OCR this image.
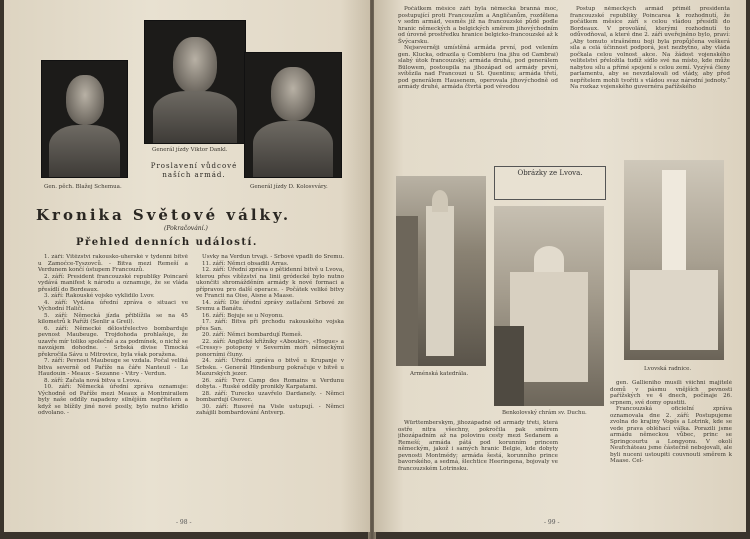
Gen. pěch. Blažej Schemua.
Generál jízdy Viktor Dankl.
Generál jízdy D. Kolosvváry.
Proslavení vůdcové naších armád.
Kronika Světové války.
(Pokračování.)
Přehled denních událostí.

1. září: Vítězství rakousko-uherské v týdenní bitvě u Zamoćce-Tyszovců. - Bitva mezi Remeší a Verdunem končí ústupem Francouzů.

2. září: President francouzské republiky Poincaré vydává manifest k národu a oznamuje, že se vláda přesídlí do Bordeaux.

3. září: Rakouské vojsko vyklidilo Lvov.

4. září: Vydána úřední zpráva o situaci ve Východní Haliči.

5. září: Německá jízda přiblížila se na 45 kilometrů k Paříži (Senlir a Greil).

6. září: Německé dělostřelectvo bombarduje pevnost Maubeuge. Trojdohoda prohlašuje, že uzavře mír toliko společně a za podmínek, o nichž se navzájem dohodne. - Srbská divise Timocká překročila Sávu u Mitrovice, byla však poražena.

7. září: Pevnost Maubeuge se vzdala. Počal veliká bitva severně od Paříže na čáře Nanteuil - Le Haudouin - Meaux - Sezanne - Vitry - Verdun.

8. září: Začala nová bitva u Lvova.

10. září: Německá úřední zpráva oznamuje: Východně od Paříže mezi Meaux a Montmirailem byly naše oddíly napadeny silnějším nepřítelem a když se blížily jiné nové posily, bylo nutno křídlo odvolano. -

Úsvky na Verdun trvají. - Srbové vpadli do Sremu.

11. září: Němci obsadili Arras.

12. září: Úřední zpráva o pětidenní bitvě u Lvova, kterou přes vítězství na linii gródecké bylo nutno ukončiti shromážděním armády k nové formaci a přípravou pro další operace. - Počátek veliké bitvy ve Francii na Oise, Aisne a Maase.

14. září: Dle úřední zprávy zatlačeni Srbové ze Sremu a Banátu.

16. září: Bojuje se u Noyonu.

17. září: Bitva při prchodu rakouského vojska přes San.

20. září: Němci bombardují Remeš.

22. září: Anglické křižníky «Aboukir», «Hogue» a «Cressy» potopeny v Severním moři německými ponorními čluny.

24. září: Úřední zpráva o bitvě u Krupanje v Srbsku. - Generál Hindenburg pokračuje v bitvě u Mazurských jezer.

26. září: Tvrz Camp des Romains u Verdunu dobyta. - Ruské oddíly pronikly Karpatami.

28. září: Turecko uzavřelo Dardanely. - Němci bombardují Osovec.

30. září: Rusové na Visle ustupují. - Němci zahájili bombardování Antverp.

- 98 -

Počátkem měsíce září byla německá branná moc, postupující proti Francouzům a Angličanům, rozdělena v sedm armád, vesměs již na francouzské půdě podle hranic německých a belgických směrem jihovýchodním od úrovně prostředku hranice belgicko-francouzské až k Švýcarsku.

Nejseverněji umístěná armáda první, pod velením gen. Klucka, odrazila u Combleru (na jihu od Cambrai) slabý útok francouzský; armáda druhá, pod generálem Bülowem, postoupila na jihozápad od armády první, svítězila nad Francouzi u St. Quentinu; armáda třetí, pod generálem Hausenem, operovala jihovýchodně od armády druhé, armáda čtvrtá pod vévodou

Postup německých armád přiměl presidenta francouzské republiky Poincarea k rozhodnutí, že počátkem měsíce září s celou vládou přesídlí do Bordeaux. V provolání, kterými rozhodnutí to odůvodňoval, a které dne 2. září uveřejněno bylo, praví: „Aby tomuto strašnému boji byla propůjčena veškerá síla a celá účinnost podporá, jest nezbytno, aby vláda počkala celou volnost akce. Na žádost vojenského velitelství přeložila tudíž sídlo své na místo, kde může nabytou sílu a přímé spojení s celou zemí. Vyzývá členy parlamentu, aby se nevzdalovali od vlády, aby před nepřítelem mohli tvořiti s vládou svaz národní jednoty.“ Na rozkaz vojenského guvernéra pařížského

Arménská katedrála.
Obrázky ze Lvova.
Benkolovský chrám sv. Duchu.
Lvovská radnice.

Württemberským, jihozápadně od armády třetí, která ostře nitra všechny, pokročila pak směrem jihozápadním až na polovinu cesty mezi Sedanem a Remeší; armáda pátá pod korunním princem německým, jakož i samých hranic Belgie, kde dobyty pevnosti Montmédy; armáda šestá, korunního prince bavorského, a sedmá, šlechtice Heeringena, bojovaly ve francouzském Lotrinsku.

gen. Gallieniho musili všichni majitelé domů v pásmu vnějších pevnosti pařížských ve 4 dnech, počínaje 26. srpnem, své domy opustiti.

Francouzská oficielní zpráva oznamovala dne 2. září: Postupujeme zvolna do krajiny Vogés a Lotrink, kde se vede prava obléhací válka. Porazili jsme armádu německou vůbec, princ se Springcourtu a Longyonu. V okolí Neufcháteau jsme částečně nebojovali, ale byli nuceni ustoupiti couvnouti směrem k Maase. Cel-

- 99 -
